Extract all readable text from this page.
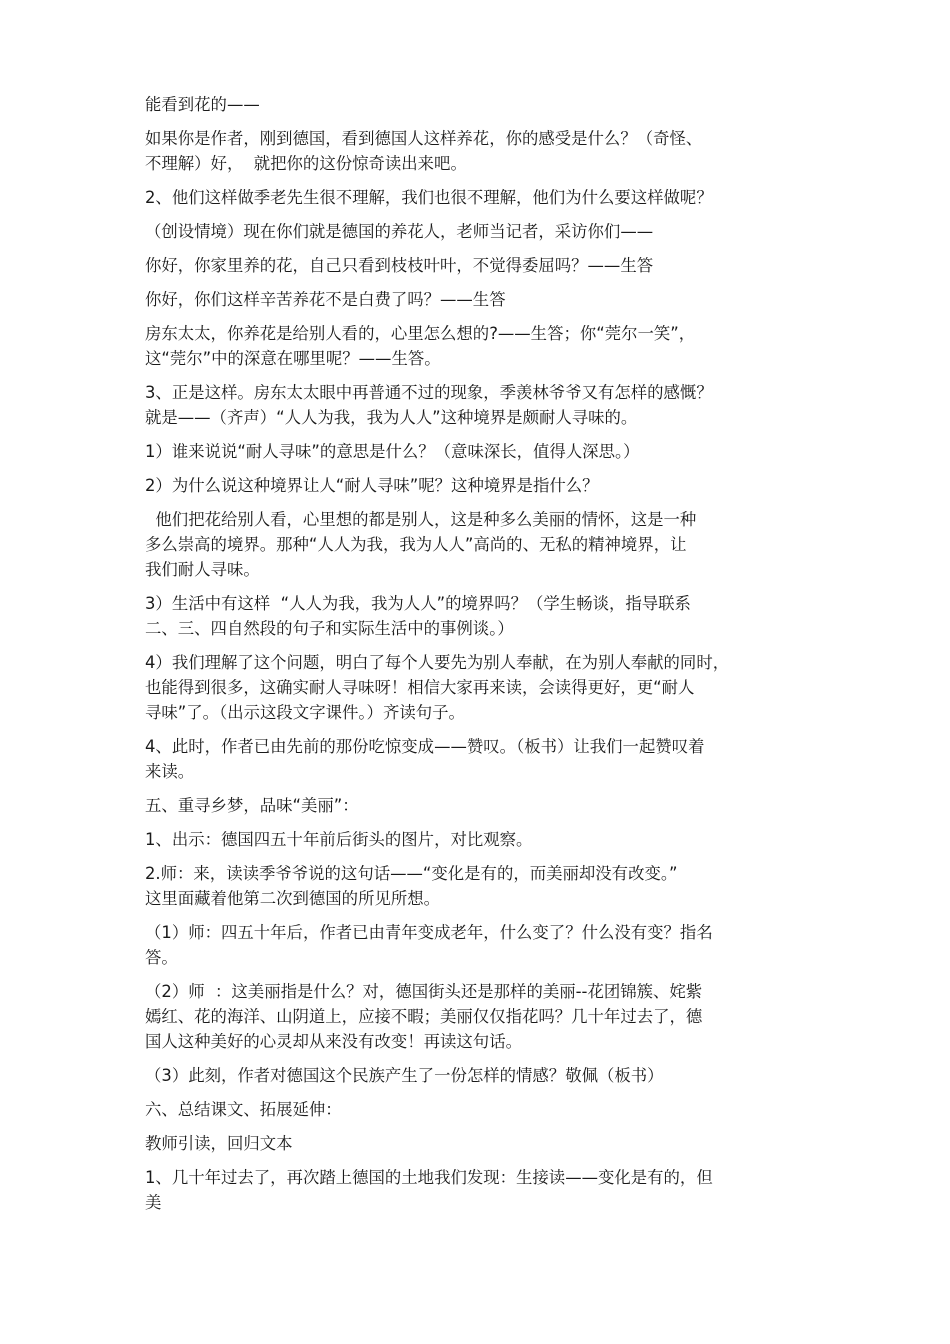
能看到花的——
如果你是作者，刚到德国，看到德国人这样养花，你的感受是什么？（奇怪、
不理解）好，  就把你的这份惊奇读出来吧。
2、他们这样做季老先生很不理解，我们也很不理解，他们为什么要这样做呢？
（创设情境）现在你们就是德国的养花人，老师当记者，采访你们——
你好，你家里养的花，自己只看到枝枝叶叶，不觉得委屈吗？——生答
你好，你们这样辛苦养花不是白费了吗？——生答
房东太太，你养花是给别人看的，心里怎么想的?——生答；你“莞尔一笑”，
这“莞尔”中的深意在哪里呢？——生答。
3、正是这样。房东太太眼中再普通不过的现象，季羡林爷爷又有怎样的感慨？
就是——（齐声）“人人为我，我为人人”这种境界是颇耐人寻味的。
1）谁来说说“耐人寻味”的意思是什么？（意味深长，值得人深思。）
2）为什么说这种境界让人“耐人寻味”呢？这种境界是指什么？
他们把花给别人看，心里想的都是别人，这是种多么美丽的情怀，这是一种
多么崇高的境界。那种“人人为我，我为人人”高尚的、无私的精神境界，让
我们耐人寻味。
3）生活中有这样  “人人为我，我为人人”的境界吗？（学生畅谈，指导联系
二、三、四自然段的句子和实际生活中的事例谈。）
4）我们理解了这个问题，明白了每个人要先为别人奉献，在为别人奉献的同时，
也能得到很多，这确实耐人寻味呀！相信大家再来读，会读得更好，更“耐人
寻味”了。（出示这段文字课件。）齐读句子。
4、此时，作者已由先前的那份吃惊变成——赞叹。（板书）让我们一起赞叹着
来读。
五、重寻乡梦，品味“美丽”：
1、出示：德国四五十年前后街头的图片，对比观察。
2.师：来，读读季爷爷说的这句话——“变化是有的，而美丽却没有改变。”
这里面藏着他第二次到德国的所见所想。
（1）师：四五十年后，作者已由青年变成老年，什么变了？什么没有变？指名
答。
（2）师  ：这美丽指是什么？对，德国街头还是那样的美丽--花团锦簇、姹紫
嫣红、花的海洋、山阴道上，应接不暇；美丽仅仅指花吗？几十年过去了，德
国人这种美好的心灵却从来没有改变！再读这句话。
（3）此刻，作者对德国这个民族产生了一份怎样的情感？敬佩（板书）
六、总结课文、拓展延伸：
教师引读，回归文本
1、几十年过去了，再次踏上德国的土地我们发现：生接读——变化是有的，但
美
